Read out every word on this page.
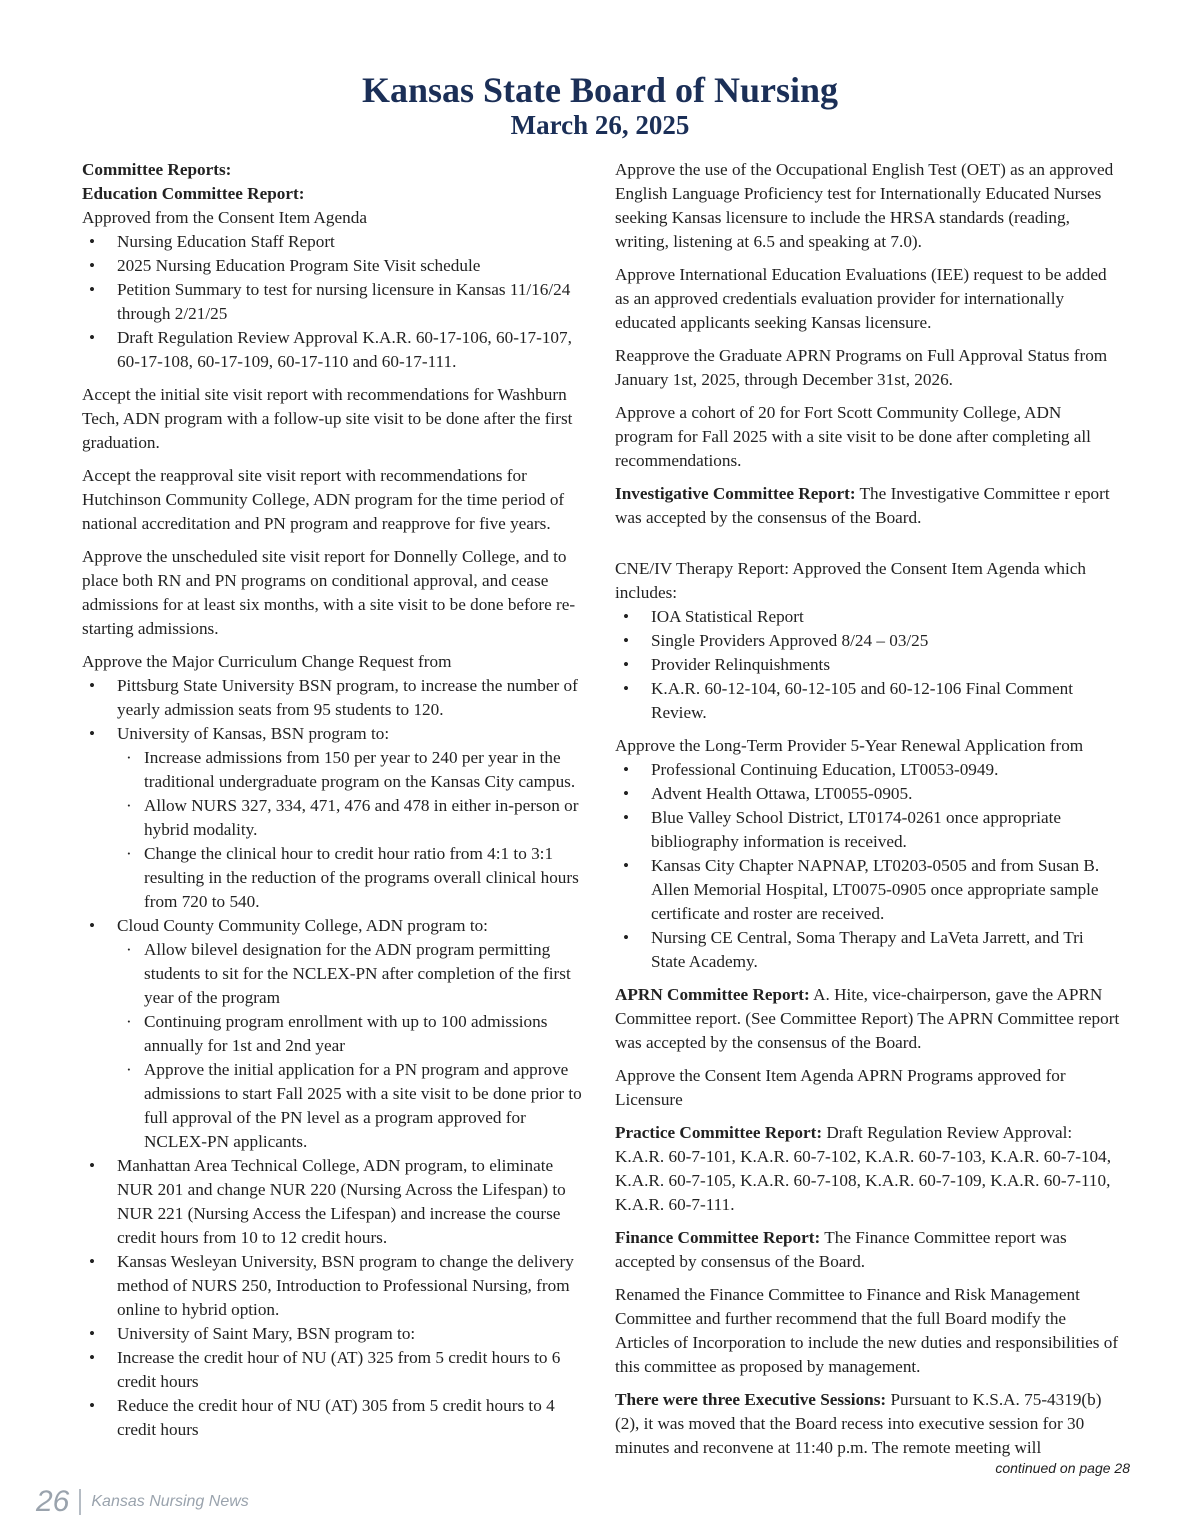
Kansas State Board of Nursing
March 26, 2025

Committee Reports:

Education Committee Report:

Approved from the Consent Item Agenda

• Nursing Education Staff Report
• 2025 Nursing Education Program Site Visit schedule
• Petition Summary to test for nursing licensure in Kansas 11/16/24 through 2/21/25
• Draft Regulation Review Approval K.A.R. 60-17-106, 60-17-107, 60-17-108, 60-17-109, 60-17-110 and 60-17-111.

Accept the initial site visit report with recommendations for Washburn Tech, ADN program with a follow-up site visit to be done after the first graduation.

Accept the reapproval site visit report with recommendations for Hutchinson Community College, ADN program for the time period of national accreditation and PN program and reapprove for five years.

Approve the unscheduled site visit report for Donnelly College, and to place both RN and PN programs on conditional approval, and cease admissions for at least six months, with a site visit to be done before re-starting admissions.

Approve the Major Curriculum Change Request from

• Pittsburg State University BSN program, to increase the number of yearly admission seats from 95 students to 120.
• University of Kansas, BSN program to:
· Increase admissions from 150 per year to 240 per year in the traditional undergraduate program on the Kansas City campus.
· Allow NURS 327, 334, 471, 476 and 478 in either in-person or hybrid modality.
· Change the clinical hour to credit hour ratio from 4:1 to 3:1 resulting in the reduction of the programs overall clinical hours from 720 to 540.
• Cloud County Community College, ADN program to:
· Allow bilevel designation for the ADN program permitting students to sit for the NCLEX-PN after completion of the first year of the program
· Continuing program enrollment with up to 100 admissions annually for 1st and 2nd year
· Approve the initial application for a PN program and approve admissions to start Fall 2025 with a site visit to be done prior to full approval of the PN level as a program approved for NCLEX-PN applicants.
• Manhattan Area Technical College, ADN program, to eliminate NUR 201 and change NUR 220 (Nursing Across the Lifespan) to NUR 221 (Nursing Access the Lifespan) and increase the course credit hours from 10 to 12 credit hours.
• Kansas Wesleyan University, BSN program to change the delivery method of NURS 250, Introduction to Professional Nursing, from online to hybrid option.
• University of Saint Mary, BSN program to:
• Increase the credit hour of NU (AT) 325 from 5 credit hours to 6 credit hours
• Reduce the credit hour of NU (AT) 305 from 5 credit hours to 4 credit hours

Approve the use of the Occupational English Test (OET) as an approved English Language Proficiency test for Internationally Educated Nurses seeking Kansas licensure to include the HRSA standards (reading, writing, listening at 6.5 and speaking at 7.0).

Approve International Education Evaluations (IEE) request to be added as an approved credentials evaluation provider for internationally educated applicants seeking Kansas licensure.

Reapprove the Graduate APRN Programs on Full Approval Status from January 1st, 2025, through December 31st, 2026.

Approve a cohort of 20 for Fort Scott Community College, ADN program for Fall 2025 with a site visit to be done after completing all recommendations.

Investigative Committee Report: The Investigative Committee r eport was accepted by the consensus of the Board.

CNE/IV Therapy Report: Approved the Consent Item Agenda which includes:

• IOA Statistical Report
• Single Providers Approved 8/24 – 03/25
• Provider Relinquishments
• K.A.R. 60-12-104, 60-12-105 and 60-12-106 Final Comment Review.

Approve the Long-Term Provider 5-Year Renewal Application from

• Professional Continuing Education, LT0053-0949.
• Advent Health Ottawa, LT0055-0905.
• Blue Valley School District, LT0174-0261 once appropriate bibliography information is received.
• Kansas City Chapter NAPNAP, LT0203-0505 and from Susan B. Allen Memorial Hospital, LT0075-0905 once appropriate sample certificate and roster are received.
• Nursing CE Central, Soma Therapy and LaVeta Jarrett, and Tri State Academy.

APRN Committee Report: A. Hite, vice-chairperson, gave the APRN Committee report. (See Committee Report) The APRN Committee report was accepted by the consensus of the Board.

Approve the Consent Item Agenda APRN Programs approved for Licensure

Practice Committee Report: Draft Regulation Review Approval: K.A.R. 60-7-101, K.A.R. 60-7-102, K.A.R. 60-7-103, K.A.R. 60-7-104, K.A.R. 60-7-105, K.A.R. 60-7-108, K.A.R. 60-7-109, K.A.R. 60-7-110, K.A.R. 60-7-111.

Finance Committee Report: The Finance Committee report was accepted by consensus of the Board.

Renamed the Finance Committee to Finance and Risk Management Committee and further recommend that the full Board modify the Articles of Incorporation to include the new duties and responsibilities of this committee as proposed by management.

There were three Executive Sessions: Pursuant to K.S.A. 75-4319(b)(2), it was moved that the Board recess into executive session for 30 minutes and reconvene at 11:40 p.m. The remote meeting will

continued on page 28
26 Kansas Nursing News
